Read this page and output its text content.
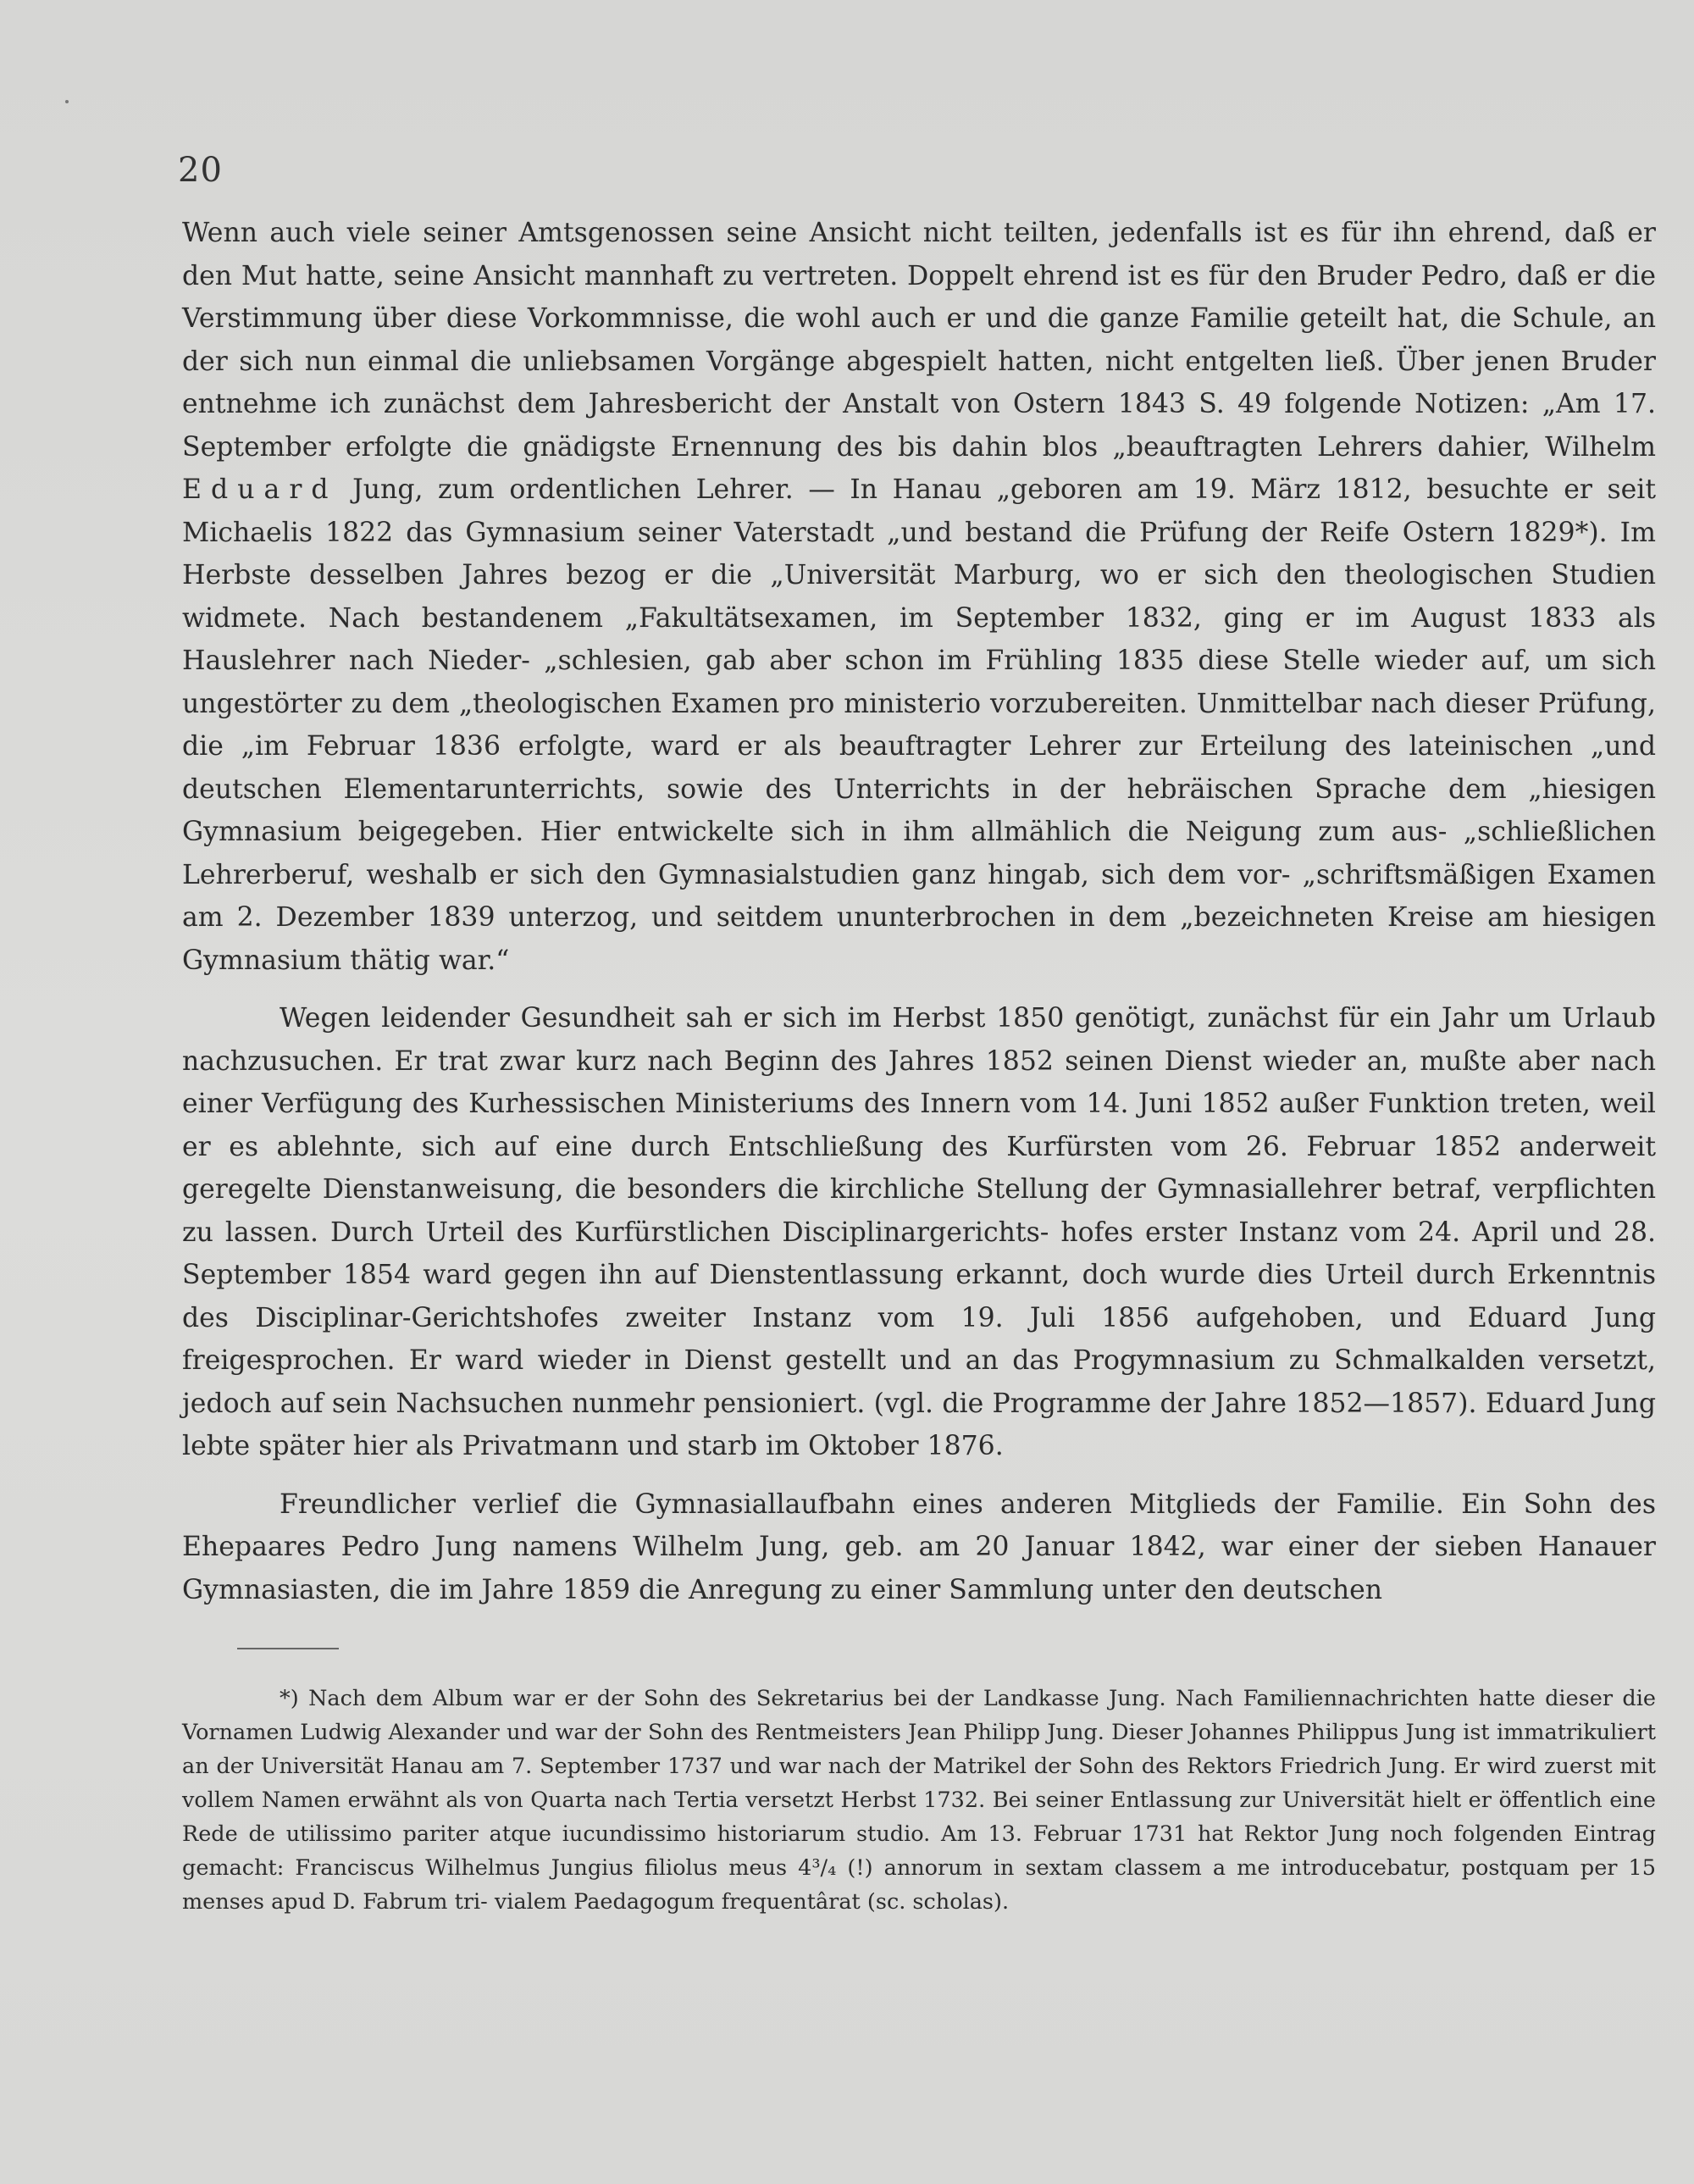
20

Wenn auch viele seiner Amtsgenossen seine Ansicht nicht teilten, jedenfalls ist es für ihn ehrend, daß er den Mut hatte, seine Ansicht mannhaft zu vertreten. Doppelt ehrend ist es für den Bruder Pedro, daß er die Verstimmung über diese Vorkommnisse, die wohl auch er und die ganze Familie geteilt hat, die Schule, an der sich nun einmal die unliebsamen Vorgänge abgespielt hatten, nicht entgelten ließ. Über jenen Bruder entnehme ich zunächst dem Jahresbericht der Anstalt von Ostern 1843 S. 49 folgende Notizen: „Am 17. September erfolgte die gnädigste Ernennung des bis dahin blos „beauftragten Lehrers dahier, Wilhelm Eduard Jung, zum ordentlichen Lehrer. — In Hanau „geboren am 19. März 1812, besuchte er seit Michaelis 1822 das Gymnasium seiner Vaterstadt „und bestand die Prüfung der Reife Ostern 1829*). Im Herbste desselben Jahres bezog er die „Universität Marburg, wo er sich den theologischen Studien widmete. Nach bestandenem „Fakultätsexamen, im September 1832, ging er im August 1833 als Hauslehrer nach Nieder- „schlesien, gab aber schon im Frühling 1835 diese Stelle wieder auf, um sich ungestörter zu dem „theologischen Examen pro ministerio vorzubereiten. Unmittelbar nach dieser Prüfung, die „im Februar 1836 erfolgte, ward er als beauftragter Lehrer zur Erteilung des lateinischen „und deutschen Elementarunterrichts, sowie des Unterrichts in der hebräischen Sprache dem „hiesigen Gymnasium beigegeben. Hier entwickelte sich in ihm allmählich die Neigung zum aus- „schließlichen Lehrerberuf, weshalb er sich den Gymnasialstudien ganz hingab, sich dem vor- „schriftsmäßigen Examen am 2. Dezember 1839 unterzog, und seitdem ununterbrochen in dem „bezeichneten Kreise am hiesigen Gymnasium thätig war.“

Wegen leidender Gesundheit sah er sich im Herbst 1850 genötigt, zunächst für ein Jahr um Urlaub nachzusuchen. Er trat zwar kurz nach Beginn des Jahres 1852 seinen Dienst wieder an, mußte aber nach einer Verfügung des Kurhessischen Ministeriums des Innern vom 14. Juni 1852 außer Funktion treten, weil er es ablehnte, sich auf eine durch Entschließung des Kurfürsten vom 26. Februar 1852 anderweit geregelte Dienstanweisung, die besonders die kirchliche Stellung der Gymnasiallehrer betraf, verpflichten zu lassen. Durch Urteil des Kurfürstlichen Disciplinargerichts- hofes erster Instanz vom 24. April und 28. September 1854 ward gegen ihn auf Dienstentlassung erkannt, doch wurde dies Urteil durch Erkenntnis des Disciplinar-Gerichtshofes zweiter Instanz vom 19. Juli 1856 aufgehoben, und Eduard Jung freigesprochen. Er ward wieder in Dienst gestellt und an das Progymnasium zu Schmalkalden versetzt, jedoch auf sein Nachsuchen nunmehr pensioniert. (vgl. die Programme der Jahre 1852—1857). Eduard Jung lebte später hier als Privatmann und starb im Oktober 1876.

Freundlicher verlief die Gymnasiallaufbahn eines anderen Mitglieds der Familie. Ein Sohn des Ehepaares Pedro Jung namens Wilhelm Jung, geb. am 20 Januar 1842, war einer der sieben Hanauer Gymnasiasten, die im Jahre 1859 die Anregung zu einer Sammlung unter den deutschen

*) Nach dem Album war er der Sohn des Sekretarius bei der Landkasse Jung. Nach Familiennachrichten hatte dieser die Vornamen Ludwig Alexander und war der Sohn des Rentmeisters Jean Philipp Jung. Dieser Johannes Philippus Jung ist immatrikuliert an der Universität Hanau am 7. September 1737 und war nach der Matrikel der Sohn des Rektors Friedrich Jung. Er wird zuerst mit vollem Namen erwähnt als von Quarta nach Tertia versetzt Herbst 1732. Bei seiner Entlassung zur Universität hielt er öffentlich eine Rede de utilissimo pariter atque iucundissimo historiarum studio. Am 13. Februar 1731 hat Rektor Jung noch folgenden Eintrag gemacht: Franciscus Wilhelmus Jungius filiolus meus 4³/₄ (!) annorum in sextam classem a me introducebatur, postquam per 15 menses apud D. Fabrum tri- vialem Paedagogum frequentârat (sc. scholas).
